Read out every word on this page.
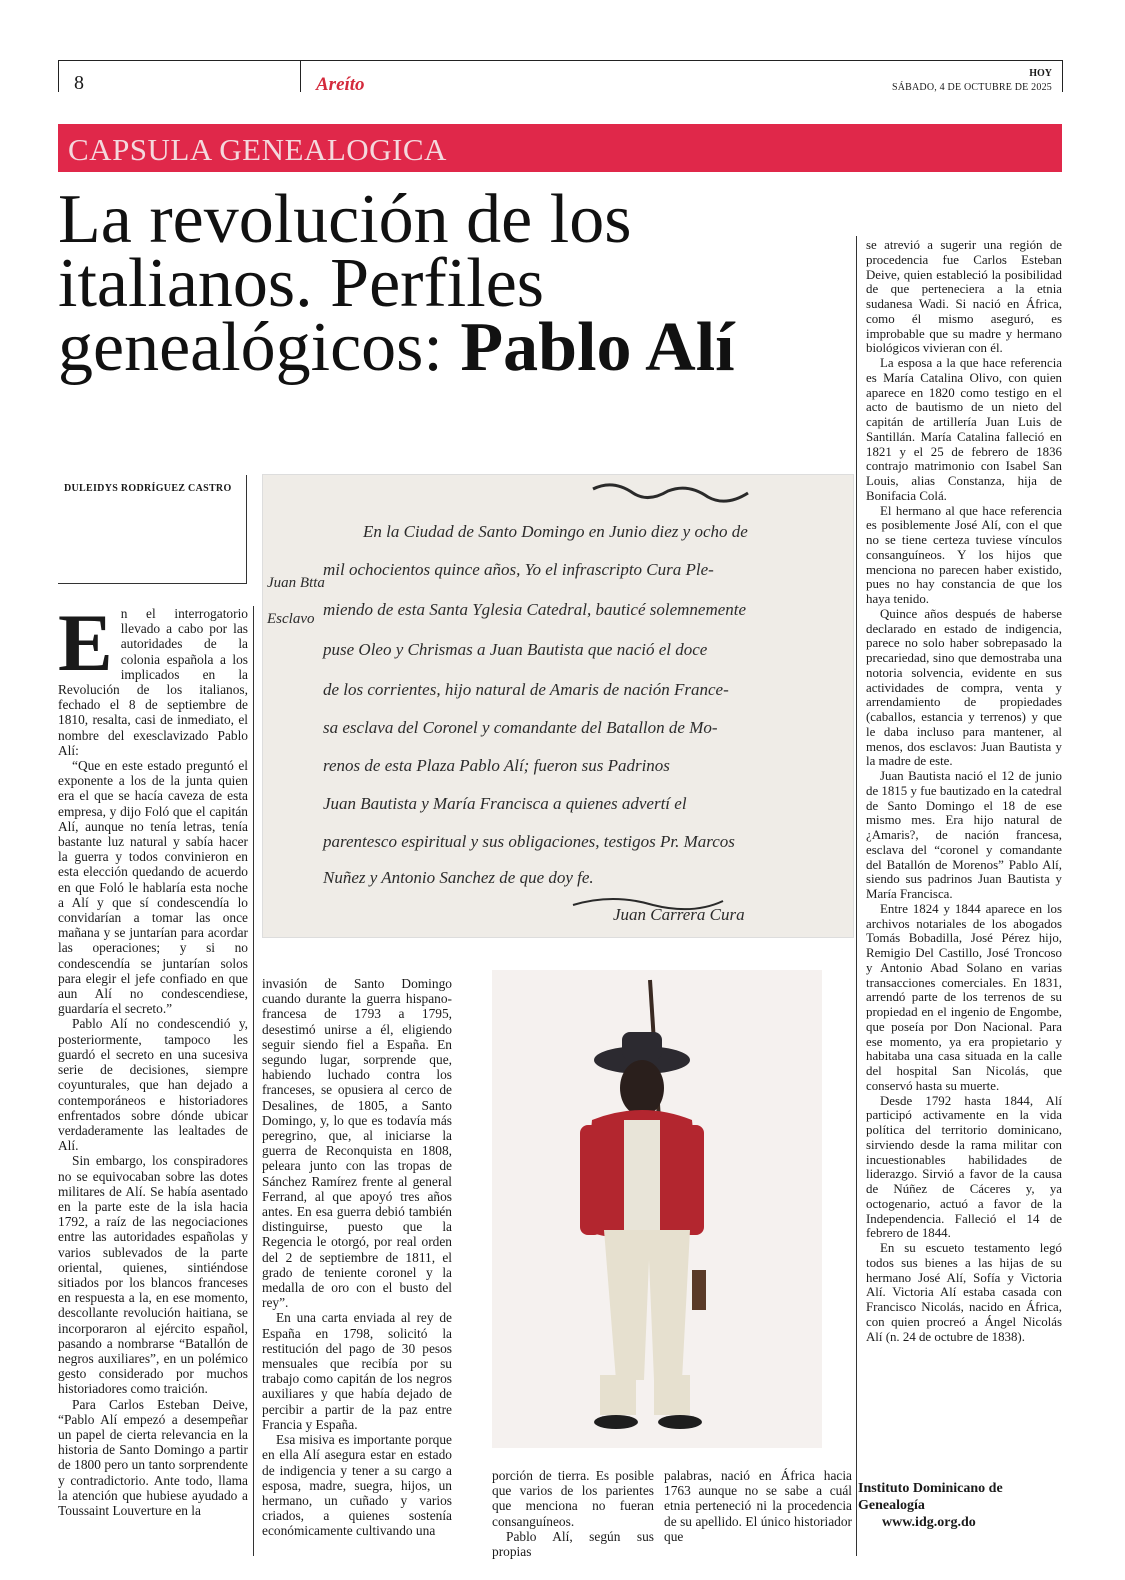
8	Areíto
HOY
SÁBADO, 4 DE OCTUBRE DE 2025
CAPSULA GENEALOGICA
La revolución de los
italianos. Perfiles
genealógicos: Pablo Alí
DULEIDYS RODRÍGUEZ CASTRO
Juan Btta
Esclavo
En la Ciudad de Santo Domingo en Junio diez y ocho de
mil ochocientos quince años, Yo el infrascripto Cura Ple-
miendo de esta Santa Yglesia Catedral, bauticé solemnemente
puse Oleo y Chrismas a Juan Bautista que nació el doce
de los corrientes, hijo natural de Amaris de nación France-
sa esclava del Coronel y comandante del Batallon de Mo-
renos de esta Plaza Pablo Alí; fueron sus Padrinos
Juan Bautista y María Francisca a quienes advertí el
parentesco espiritual y sus obligaciones, testigos Pr. Marcos
Nuñez y Antonio Sanchez de que doy fe.
Juan Carrera Cura
E n el interrogatorio llevado a cabo por las autoridades de la colonia española a los implicados en la Revolución de los italianos, fechado el 8 de septiembre de 1810, resalta, casi de inmediato, el nombre del exesclavizado Pablo Alí:

“Que en este estado preguntó el exponente a los de la junta quien era el que se hacía caveza de esta empresa, y dijo Foló que el capitán Alí, aunque no tenía letras, tenía bastante luz natural y sabía hacer la guerra y todos convinieron en esta elección quedando de acuerdo en que Foló le hablaría esta noche a Alí y que sí condescendía lo convidarían a tomar las once mañana y se juntarían para acordar las operaciones; y si no condescendía se juntarían solos para elegir el jefe confiado en que aun Alí no condescendiese, guardaría el secreto.”

Pablo Alí no condescendió y, posteriormente, tampoco les guardó el secreto en una sucesiva serie de decisiones, siempre coyunturales, que han dejado a contemporáneos e historiadores enfrentados sobre dónde ubicar verdaderamente las lealtades de Alí.

Sin embargo, los conspiradores no se equivocaban sobre las dotes militares de Alí. Se había asentado en la parte este de la isla hacia 1792, a raíz de las negociaciones entre las autoridades españolas y varios sublevados de la parte oriental, quienes, sintiéndose sitiados por los blancos franceses en respuesta a la, en ese momento, descollante revolución haitiana, se incorporaron al ejército español, pasando a nombrarse “Batallón de negros auxiliares”, en un polémico gesto considerado por muchos historiadores como traición.

Para Carlos Esteban Deive, “Pablo Alí empezó a desempeñar un papel de cierta relevancia en la historia de Santo Domingo a partir de 1800 pero un tanto sorprendente y contradictorio. Ante todo, llama la atención que hubiese ayudado a Toussaint Louverture en la

invasión de Santo Domingo cuando durante la guerra hispano-francesa de 1793 a 1795, desestimó unirse a él, eligiendo seguir siendo fiel a España. En segundo lugar, sorprende que, habiendo luchado contra los franceses, se opusiera al cerco de Desalines, de 1805, a Santo Domingo, y, lo que es todavía más peregrino, que, al iniciarse la guerra de Reconquista en 1808, peleara junto con las tropas de Sánchez Ramírez frente al general Ferrand, al que apoyó tres años antes. En esa guerra debió también distinguirse, puesto que la Regencia le otorgó, por real orden del 2 de septiembre de 1811, el grado de teniente coronel y la medalla de oro con el busto del rey”.

En una carta enviada al rey de España en 1798, solicitó la restitución del pago de 30 pesos mensuales que recibía por su trabajo como capitán de los negros auxiliares y que había dejado de percibir a partir de la paz entre Francia y España.

Esa misiva es importante porque en ella Alí asegura estar en estado de indigencia y tener a su cargo a esposa, madre, suegra, hijos, un hermano, un cuñado y varios criados, a quienes sostenía económicamente cultivando una

porción de tierra. Es posible que varios de los parientes que menciona no fueran consanguíneos.

Pablo Alí, según sus propias

palabras, nació en África hacia 1763 aunque no se sabe a cuál etnia perteneció ni la procedencia de su apellido. El único historiador que

se atrevió a sugerir una región de procedencia fue Carlos Esteban Deive, quien estableció la posibilidad de que perteneciera a la etnia sudanesa Wadi. Si nació en África, como él mismo aseguró, es improbable que su madre y hermano biológicos vivieran con él.

La esposa a la que hace referencia es María Catalina Olivo, con quien aparece en 1820 como testigo en el acto de bautismo de un nieto del capitán de artillería Juan Luis de Santillán. María Catalina falleció en 1821 y el 25 de febrero de 1836 contrajo matrimonio con Isabel San Louis, alias Constanza, hija de Bonifacia Colá.

El hermano al que hace referencia es posiblemente José Alí, con el que no se tiene certeza tuviese vínculos consanguíneos. Y los hijos que menciona no parecen haber existido, pues no hay constancia de que los haya tenido.

Quince años después de haberse declarado en estado de indigencia, parece no solo haber sobrepasado la precariedad, sino que demostraba una notoria solvencia, evidente en sus actividades de compra, venta y arrendamiento de propiedades (caballos, estancia y terrenos) y que le daba incluso para mantener, al menos, dos esclavos: Juan Bautista y la madre de este.

Juan Bautista nació el 12 de junio de 1815 y fue bautizado en la catedral de Santo Domingo el 18 de ese mismo mes. Era hijo natural de ¿Amaris?, de nación francesa, esclava del “coronel y comandante del Batallón de Morenos” Pablo Alí, siendo sus padrinos Juan Bautista y María Francisca.

Entre 1824 y 1844 aparece en los archivos notariales de los abogados Tomás Bobadilla, José Pérez hijo, Remigio Del Castillo, José Troncoso y Antonio Abad Solano en varias transacciones comerciales. En 1831, arrendó parte de los terrenos de su propiedad en el ingenio de Engombe, que poseía por Don Nacional. Para ese momento, ya era propietario y habitaba una casa situada en la calle del hospital San Nicolás, que conservó hasta su muerte.

Desde 1792 hasta 1844, Alí participó activamente en la vida política del territorio dominicano, sirviendo desde la rama militar con incuestionables habilidades de liderazgo. Sirvió a favor de la causa de Núñez de Cáceres y, ya octogenario, actuó a favor de la Independencia. Falleció el 14 de febrero de 1844.

En su escueto testamento legó todos sus bienes a las hijas de su hermano José Alí, Sofía y Victoria Alí. Victoria Alí estaba casada con Francisco Nicolás, nacido en África, con quien procreó a Ángel Nicolás Alí (n. 24 de octubre de 1838).

Instituto Dominicano de Genealogía
www.idg.org.do
